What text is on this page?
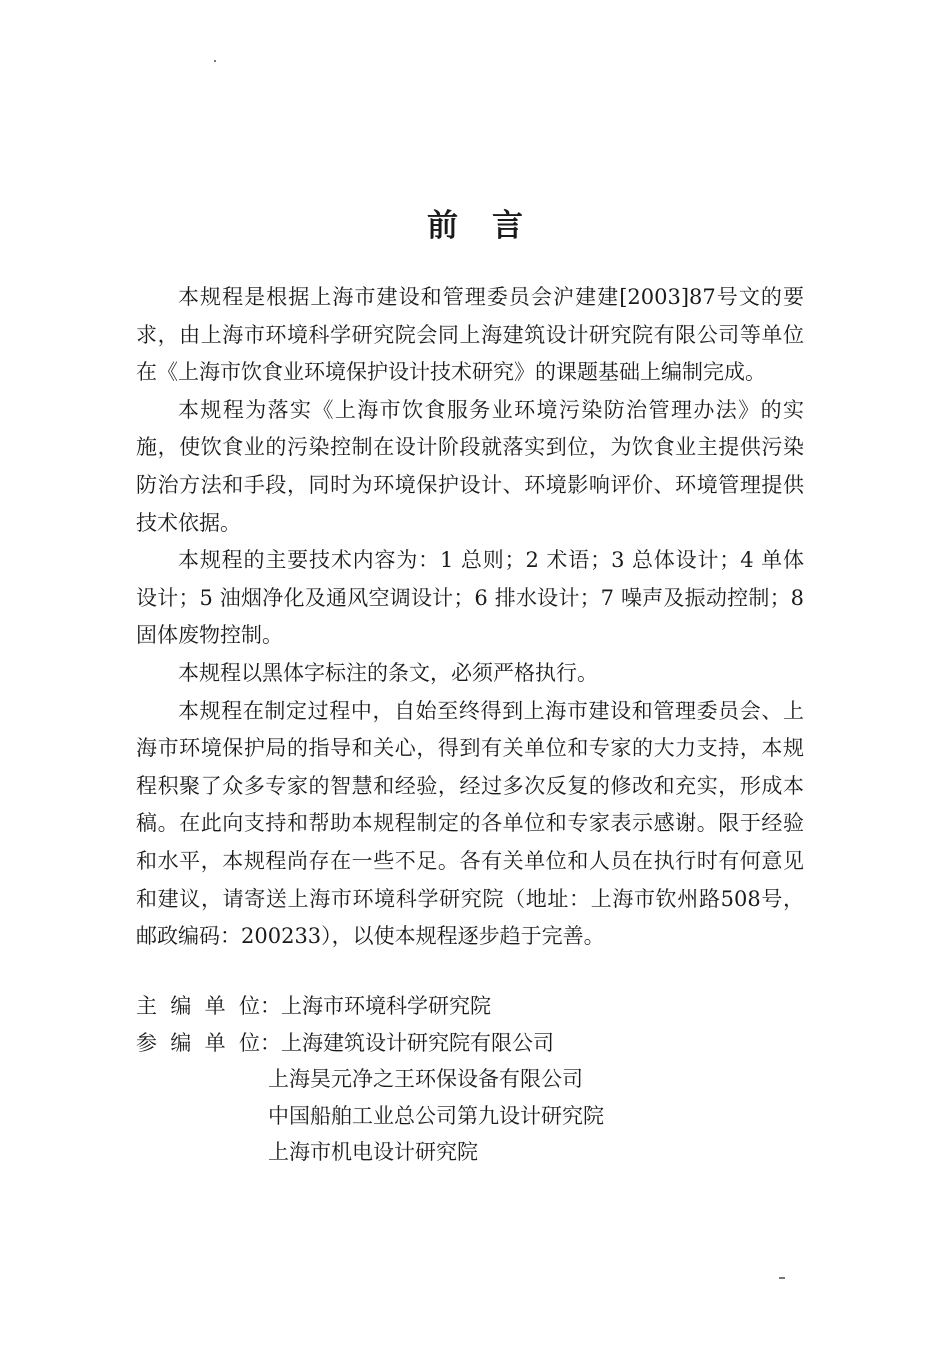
前言

本规程是根据上海市建设和管理委员会沪建建[2003]87号文的要求，由上海市环境科学研究院会同上海建筑设计研究院有限公司等单位在《上海市饮食业环境保护设计技术研究》的课题基础上编制完成。

本规程为落实《上海市饮食服务业环境污染防治管理办法》的实施，使饮食业的污染控制在设计阶段就落实到位，为饮食业主提供污染防治方法和手段，同时为环境保护设计、环境影响评价、环境管理提供技术依据。

本规程的主要技术内容为：1 总则；2 术语；3 总体设计；4 单体设计；5 油烟净化及通风空调设计；6 排水设计；7 噪声及振动控制；8 固体废物控制。

本规程以黑体字标注的条文，必须严格执行。

本规程在制定过程中，自始至终得到上海市建设和管理委员会、上海市环境保护局的指导和关心，得到有关单位和专家的大力支持，本规程积聚了众多专家的智慧和经验，经过多次反复的修改和充实，形成本稿。在此向支持和帮助本规程制定的各单位和专家表示感谢。限于经验和水平，本规程尚存在一些不足。各有关单位和人员在执行时有何意见和建议，请寄送上海市环境科学研究院（地址：上海市钦州路508号，邮政编码：200233），以使本规程逐步趋于完善。

主编单位 ： 上海市环境科学研究院
参编单位 ： 上海建筑设计研究院有限公司
上海昊元净之王环保设备有限公司
中国船舶工业总公司第九设计研究院
上海市机电设计研究院
